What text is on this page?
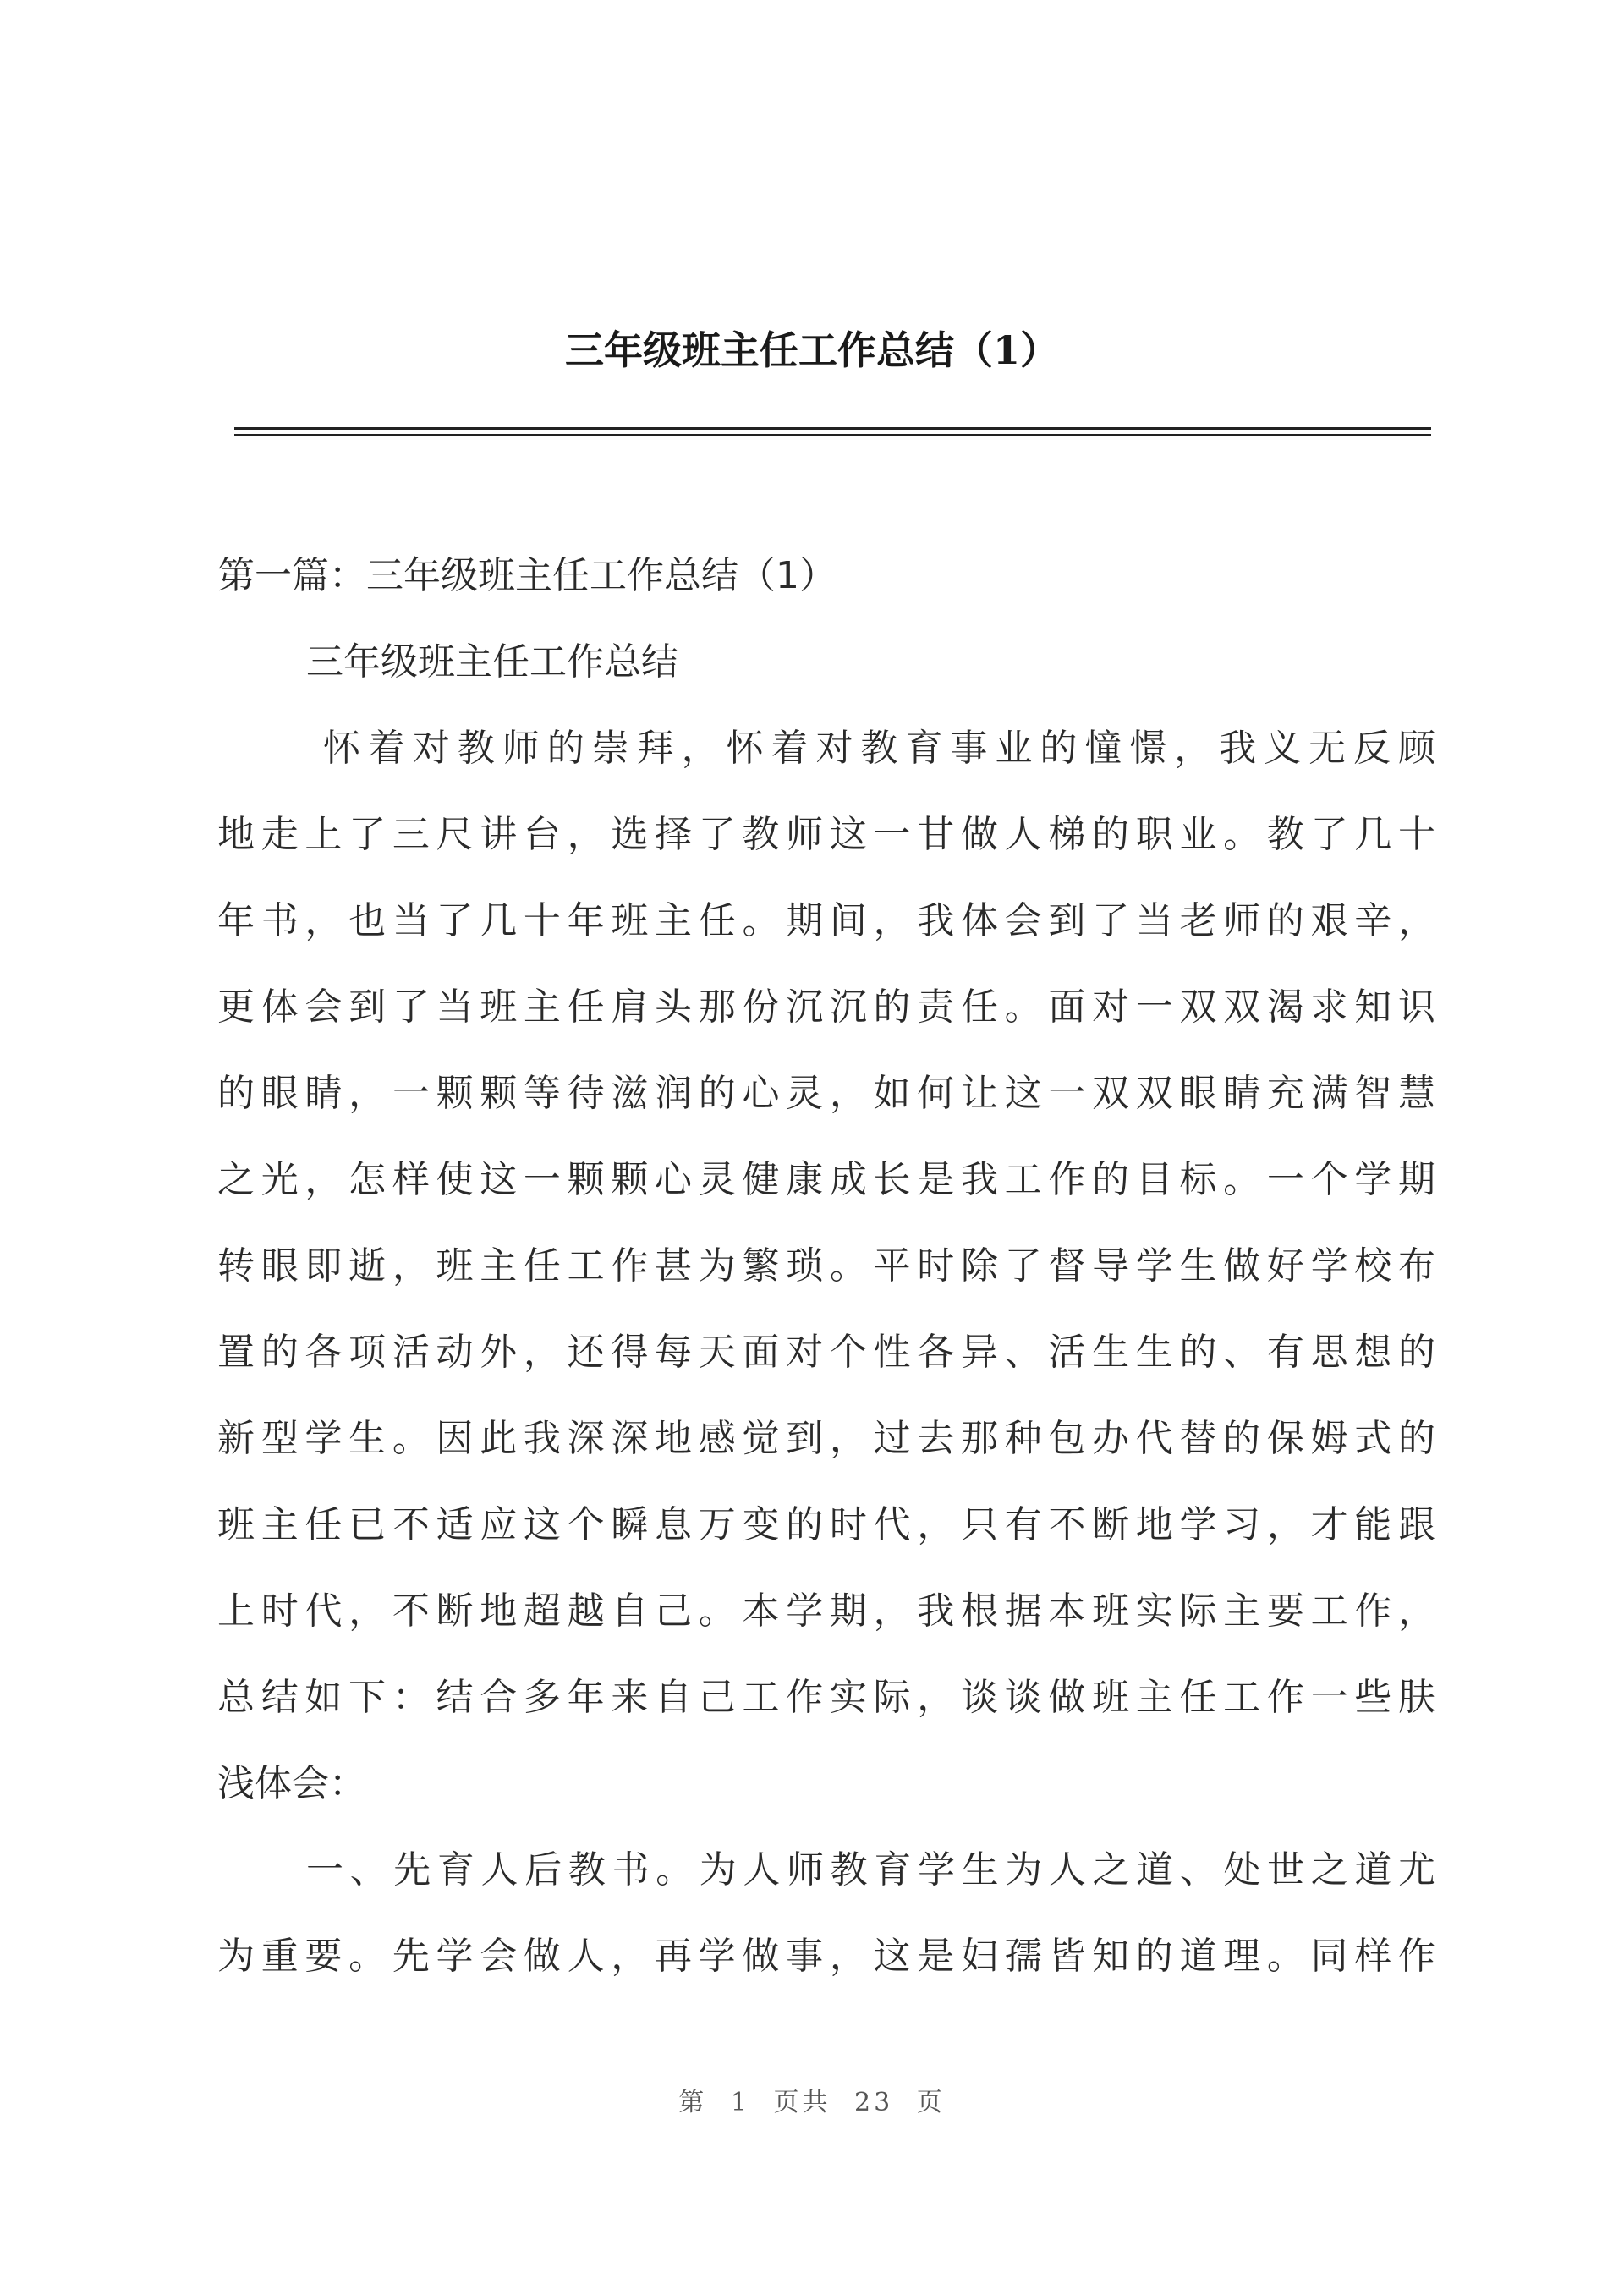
三年级班主任工作总结（1）

第一篇：三年级班主任工作总结（1）

三年级班主任工作总结

怀着对教师的崇拜，怀着对教育事业的憧憬，我义无反顾

地走上了三尺讲台，选择了教师这一甘做人梯的职业。教了几十

年书，也当了几十年班主任。期间，我体会到了当老师的艰辛，

更体会到了当班主任肩头那份沉沉的责任。面对一双双渴求知识

的眼睛，一颗颗等待滋润的心灵，如何让这一双双眼睛充满智慧

之光，怎样使这一颗颗心灵健康成长是我工作的目标。一个学期

转眼即逝，班主任工作甚为繁琐。平时除了督导学生做好学校布

置的各项活动外，还得每天面对个性各异、活生生的、有思想的

新型学生。因此我深深地感觉到，过去那种包办代替的保姆式的

班主任已不适应这个瞬息万变的时代，只有不断地学习，才能跟

上时代，不断地超越自己。本学期，我根据本班实际主要工作，

总结如下：结合多年来自己工作实际，谈谈做班主任工作一些肤

浅体会：

一、先育人后教书。为人师教育学生为人之道、处世之道尤

为重要。先学会做人，再学做事，这是妇孺皆知的道理。同样作

第 1 页共 23 页
